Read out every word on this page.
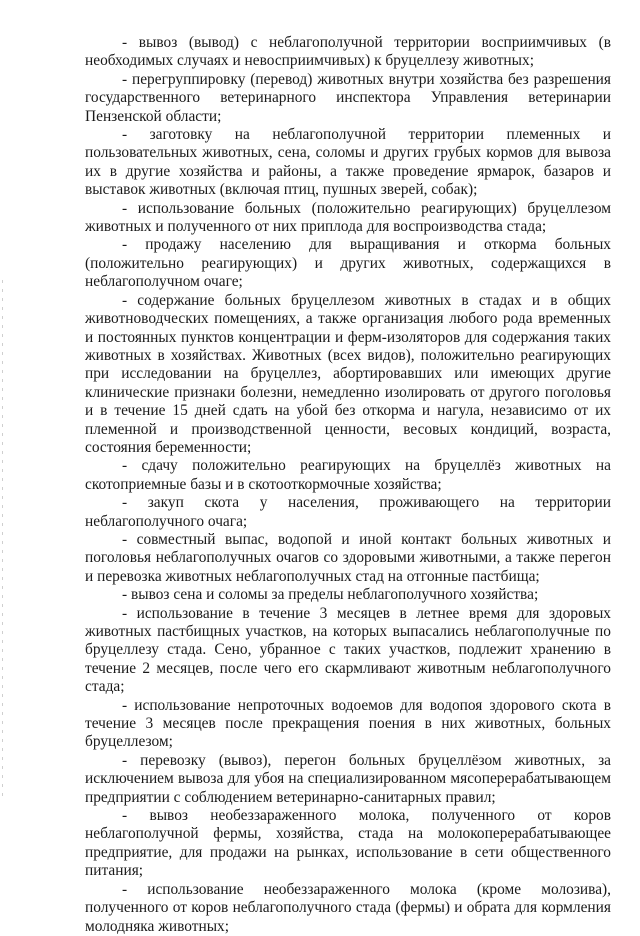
- вывоз (вывод) с неблагополучной территории восприимчивых (в необходимых случаях и невосприимчивых) к бруцеллезу животных;

- перегруппировку (перевод) животных внутри хозяйства без разрешения государственного ветеринарного инспектора Управления ветеринарии Пензенской области;

- заготовку на неблагополучной территории племенных и пользовательных животных, сена, соломы и других грубых кормов для вывоза их в другие хозяйства и районы, а также проведение ярмарок, базаров и выставок животных (включая птиц, пушных зверей, собак);

- использование больных (положительно реагирующих) бруцеллезом животных и полученного от них приплода для воспроизводства стада;

- продажу населению для выращивания и откорма больных (положительно реагирующих) и других животных, содержащихся в неблагополучном очаге;

- содержание больных бруцеллезом животных в стадах и в общих животноводческих помещениях, а также организация любого рода временных и постоянных пунктов концентрации и ферм-изоляторов для содержания таких животных в хозяйствах. Животных (всех видов), положительно реагирующих при исследовании на бруцеллез, абортировавших или имеющих другие клинические признаки болезни, немедленно изолировать от другого поголовья и в течение 15 дней сдать на убой без откорма и нагула, независимо от их племенной и производственной ценности, весовых кондиций, возраста, состояния беременности;

- сдачу положительно реагирующих на бруцеллёз животных на скотоприемные базы и в скотооткормочные хозяйства;

- закуп скота у населения, проживающего на территории неблагополучного очага;

- совместный выпас, водопой и иной контакт больных животных и поголовья неблагополучных очагов со здоровыми животными, а также перегон и перевозка животных неблагополучных стад на отгонные пастбища;

- вывоз сена и соломы за пределы неблагополучного хозяйства;

- использование в течение 3 месяцев в летнее время для здоровых животных пастбищных участков, на которых выпасались неблагополучные по бруцеллезу стада. Сено, убранное с таких участков, подлежит хранению в течение 2 месяцев, после чего его скармливают животным неблагополучного стада;

- использование непроточных водоемов для водопоя здорового скота в течение 3 месяцев после прекращения поения в них животных, больных бруцеллезом;

- перевозку (вывоз), перегон больных бруцеллёзом животных, за исключением вывоза для убоя на специализированном мясоперерабатывающем предприятии с соблюдением ветеринарно-санитарных правил;

- вывоз необеззараженного молока, полученного от коров неблагополучной фермы, хозяйства, стада на молокоперерабатывающее предприятие, для продажи на рынках, использование в сети общественного питания;

- использование необеззараженного молока (кроме молозива), полученного от коров неблагополучного стада (фермы) и обрата для кормления молодняка животных;
